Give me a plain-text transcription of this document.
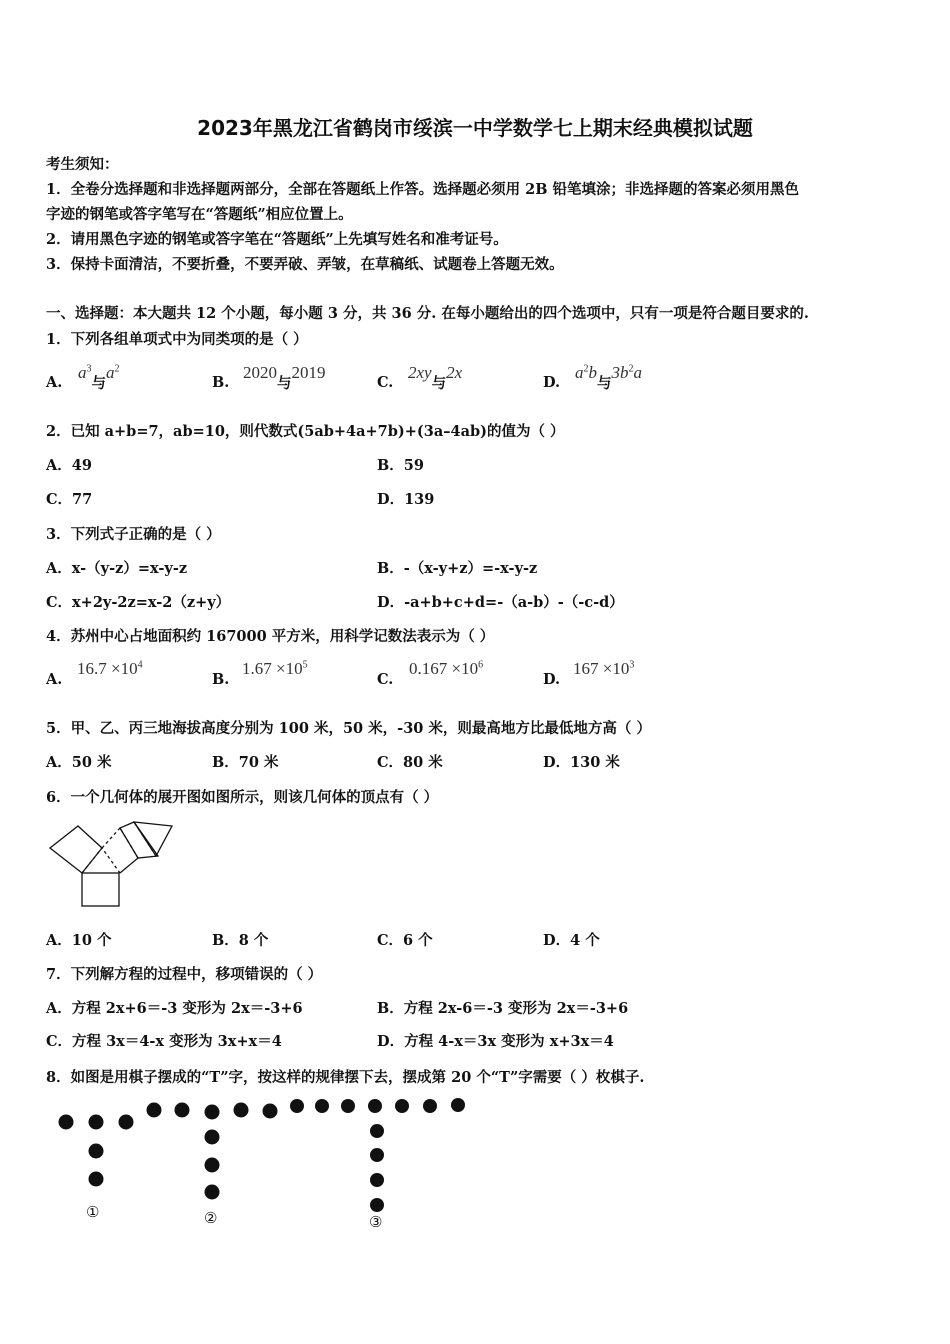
2023年黑龙江省鹤岗市绥滨一中学数学七上期末经典模拟试题
考生须知：
1．全卷分选择题和非选择题两部分，全部在答题纸上作答。选择题必须用 2B 铅笔填涂；非选择题的答案必须用黑色
字迹的钢笔或答字笔写在“答题纸”相应位置上。
2．请用黑色字迹的钢笔或答字笔在“答题纸”上先填写姓名和准考证号。
3．保持卡面清洁，不要折叠，不要弄破、弄皱，在草稿纸、试题卷上答题无效。
一、选择题：本大题共 12 个小题，每小题 3 分，共 36 分. 在每小题给出的四个选项中，只有一项是符合题目要求的.
1．下列各组单项式中为同类项的是（ ）
A.
$a^3$与$a^2$
B.
2020与2019
C.
2xy与2x
D.
$a^2b$与$3b^2a$
2．已知 a+b=7，ab=10，则代数式(5ab+4a+7b)+(3a–4ab)的值为（ ）
A．49	B．59
C．77	D．139
3．下列式子正确的是（ ）
A．x-（y-z）=x-y-z	B．-（x-y+z）=-x-y-z
C．x+2y-2z=x-2（z+y）	D．-a+b+c+d=-（a-b）-（-c-d）
4．苏州中心占地面积约 167000 平方米，用科学记数法表示为（ ）
A.
$16.7 \times 10^4$
B.
$1.67 \times 10^5$
C.
$0.167 \times 10^6$
D.
$167 \times 10^3$
5．甲、乙、丙三地海拔高度分别为 100 米，50 米，-30 米，则最高地方比最低地方高（ ）
A．50 米	B．70 米	C．80 米	D．130 米
6．一个几何体的展开图如图所示，则该几何体的顶点有（ ）
A．10 个	B．8 个	C．6 个	D．4 个
7．下列解方程的过程中，移项错误的（ ）
A．方程 2x+6＝-3 变形为 2x＝-3+6	B．方程 2x-6＝-3 变形为 2x＝-3+6
C．方程 3x＝4-x 变形为 3x+x＝4	D．方程 4-x＝3x 变形为 x+3x＝4
8．如图是用棋子摆成的“T”字，按这样的规律摆下去，摆成第 20 个“T”字需要（ ）枚棋子.
①	②	③
